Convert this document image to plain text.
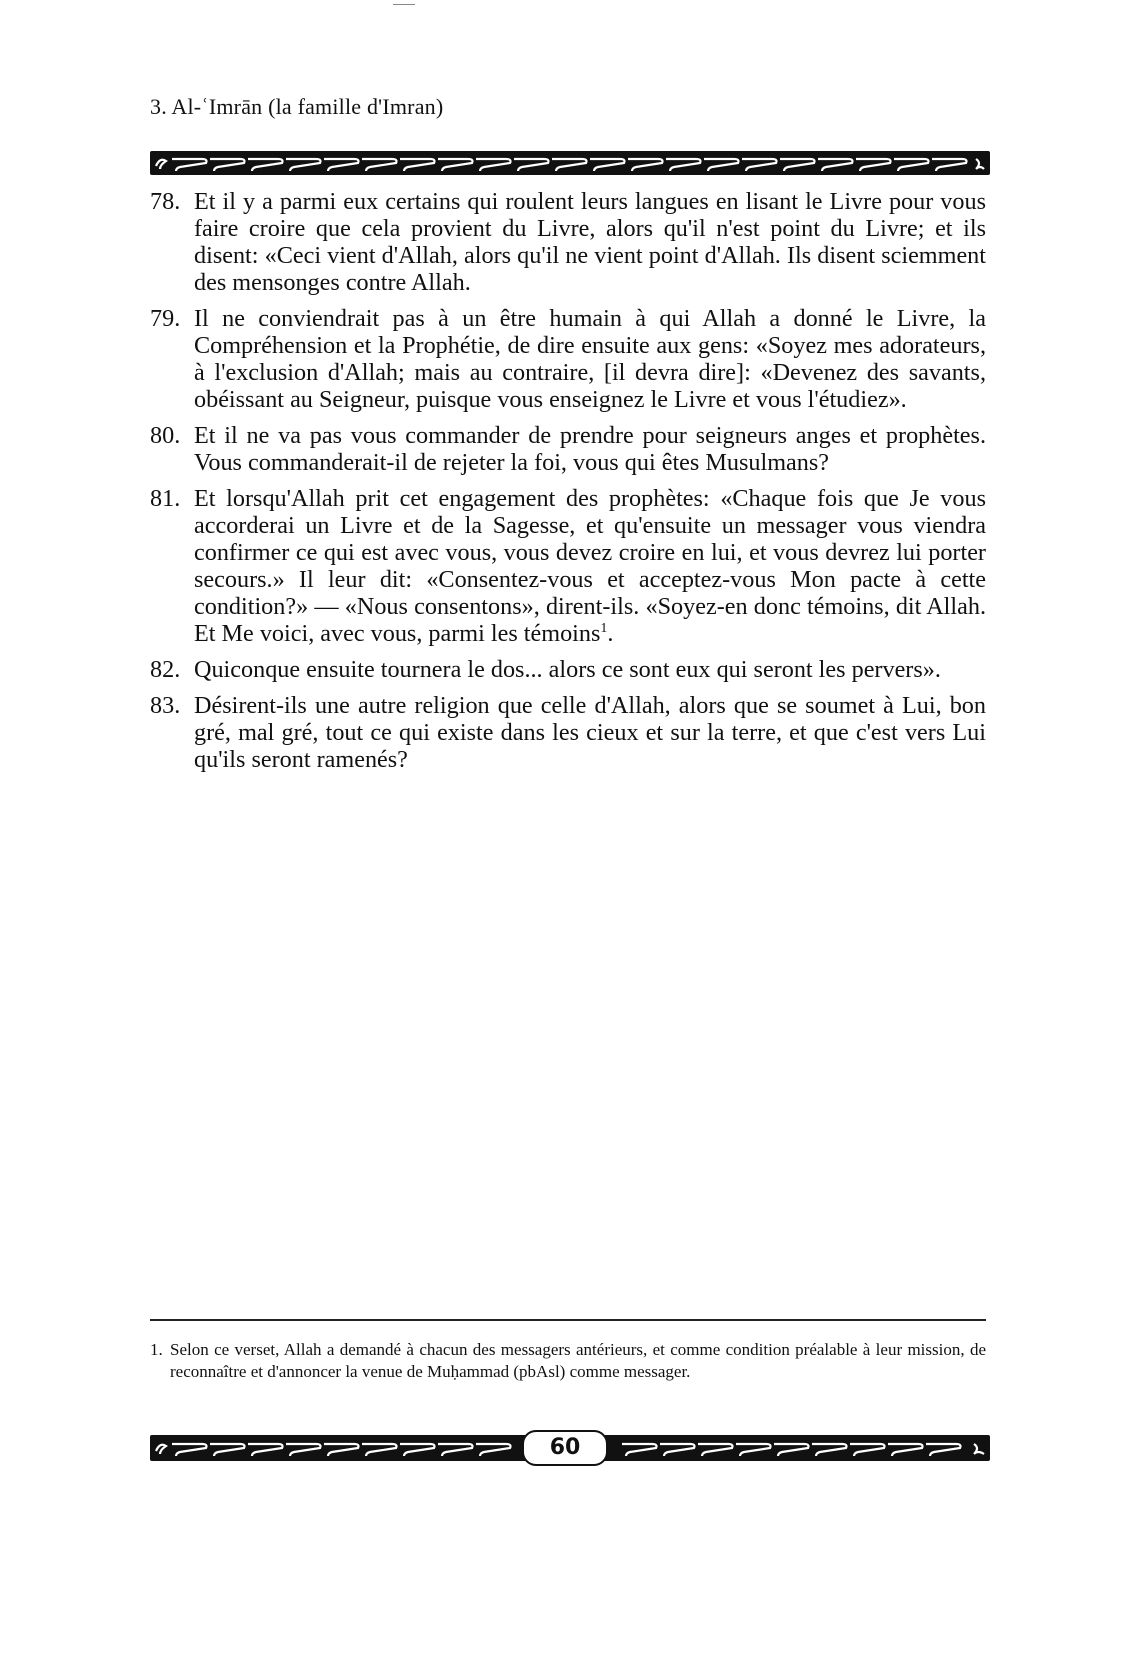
3. Al-ʿImrān (la famille d'Imran)
78. Et il y a parmi eux certains qui roulent leurs langues en lisant le Livre pour vous faire croire que cela provient du Livre, alors qu'il n'est point du Livre; et ils disent: «Ceci vient d'Allah, alors qu'il ne vient point d'Allah. Ils disent sciemment des mensonges contre Allah.
79. Il ne conviendrait pas à un être humain à qui Allah a donné le Livre, la Compréhension et la Prophétie, de dire ensuite aux gens: «Soyez mes adorateurs, à l'exclusion d'Allah; mais au contraire, [il devra dire]: «Devenez des savants, obéissant au Seigneur, puisque vous enseignez le Livre et vous l'étudiez».
80. Et il ne va pas vous commander de prendre pour seigneurs anges et prophètes. Vous commanderait-il de rejeter la foi, vous qui êtes Musulmans?
81. Et lorsqu'Allah prit cet engagement des prophètes: «Chaque fois que Je vous accorderai un Livre et de la Sagesse, et qu'ensuite un messager vous viendra confirmer ce qui est avec vous, vous devez croire en lui, et vous devrez lui porter secours.» Il leur dit: «Consentez-vous et acceptez-vous Mon pacte à cette condition?» — «Nous consentons», dirent-ils. «Soyez-en donc témoins, dit Allah. Et Me voici, avec vous, parmi les témoins$^1$.
82. Quiconque ensuite tournera le dos... alors ce sont eux qui seront les pervers».
83. Désirent-ils une autre religion que celle d'Allah, alors que se soumet à Lui, bon gré, mal gré, tout ce qui existe dans les cieux et sur la terre, et que c'est vers Lui qu'ils seront ramenés?
1. Selon ce verset, Allah a demandé à chacun des messagers antérieurs, et comme condition préalable à leur mission, de reconnaître et d'annoncer la venue de Muḥammad (pbAsl) comme messager.
60
